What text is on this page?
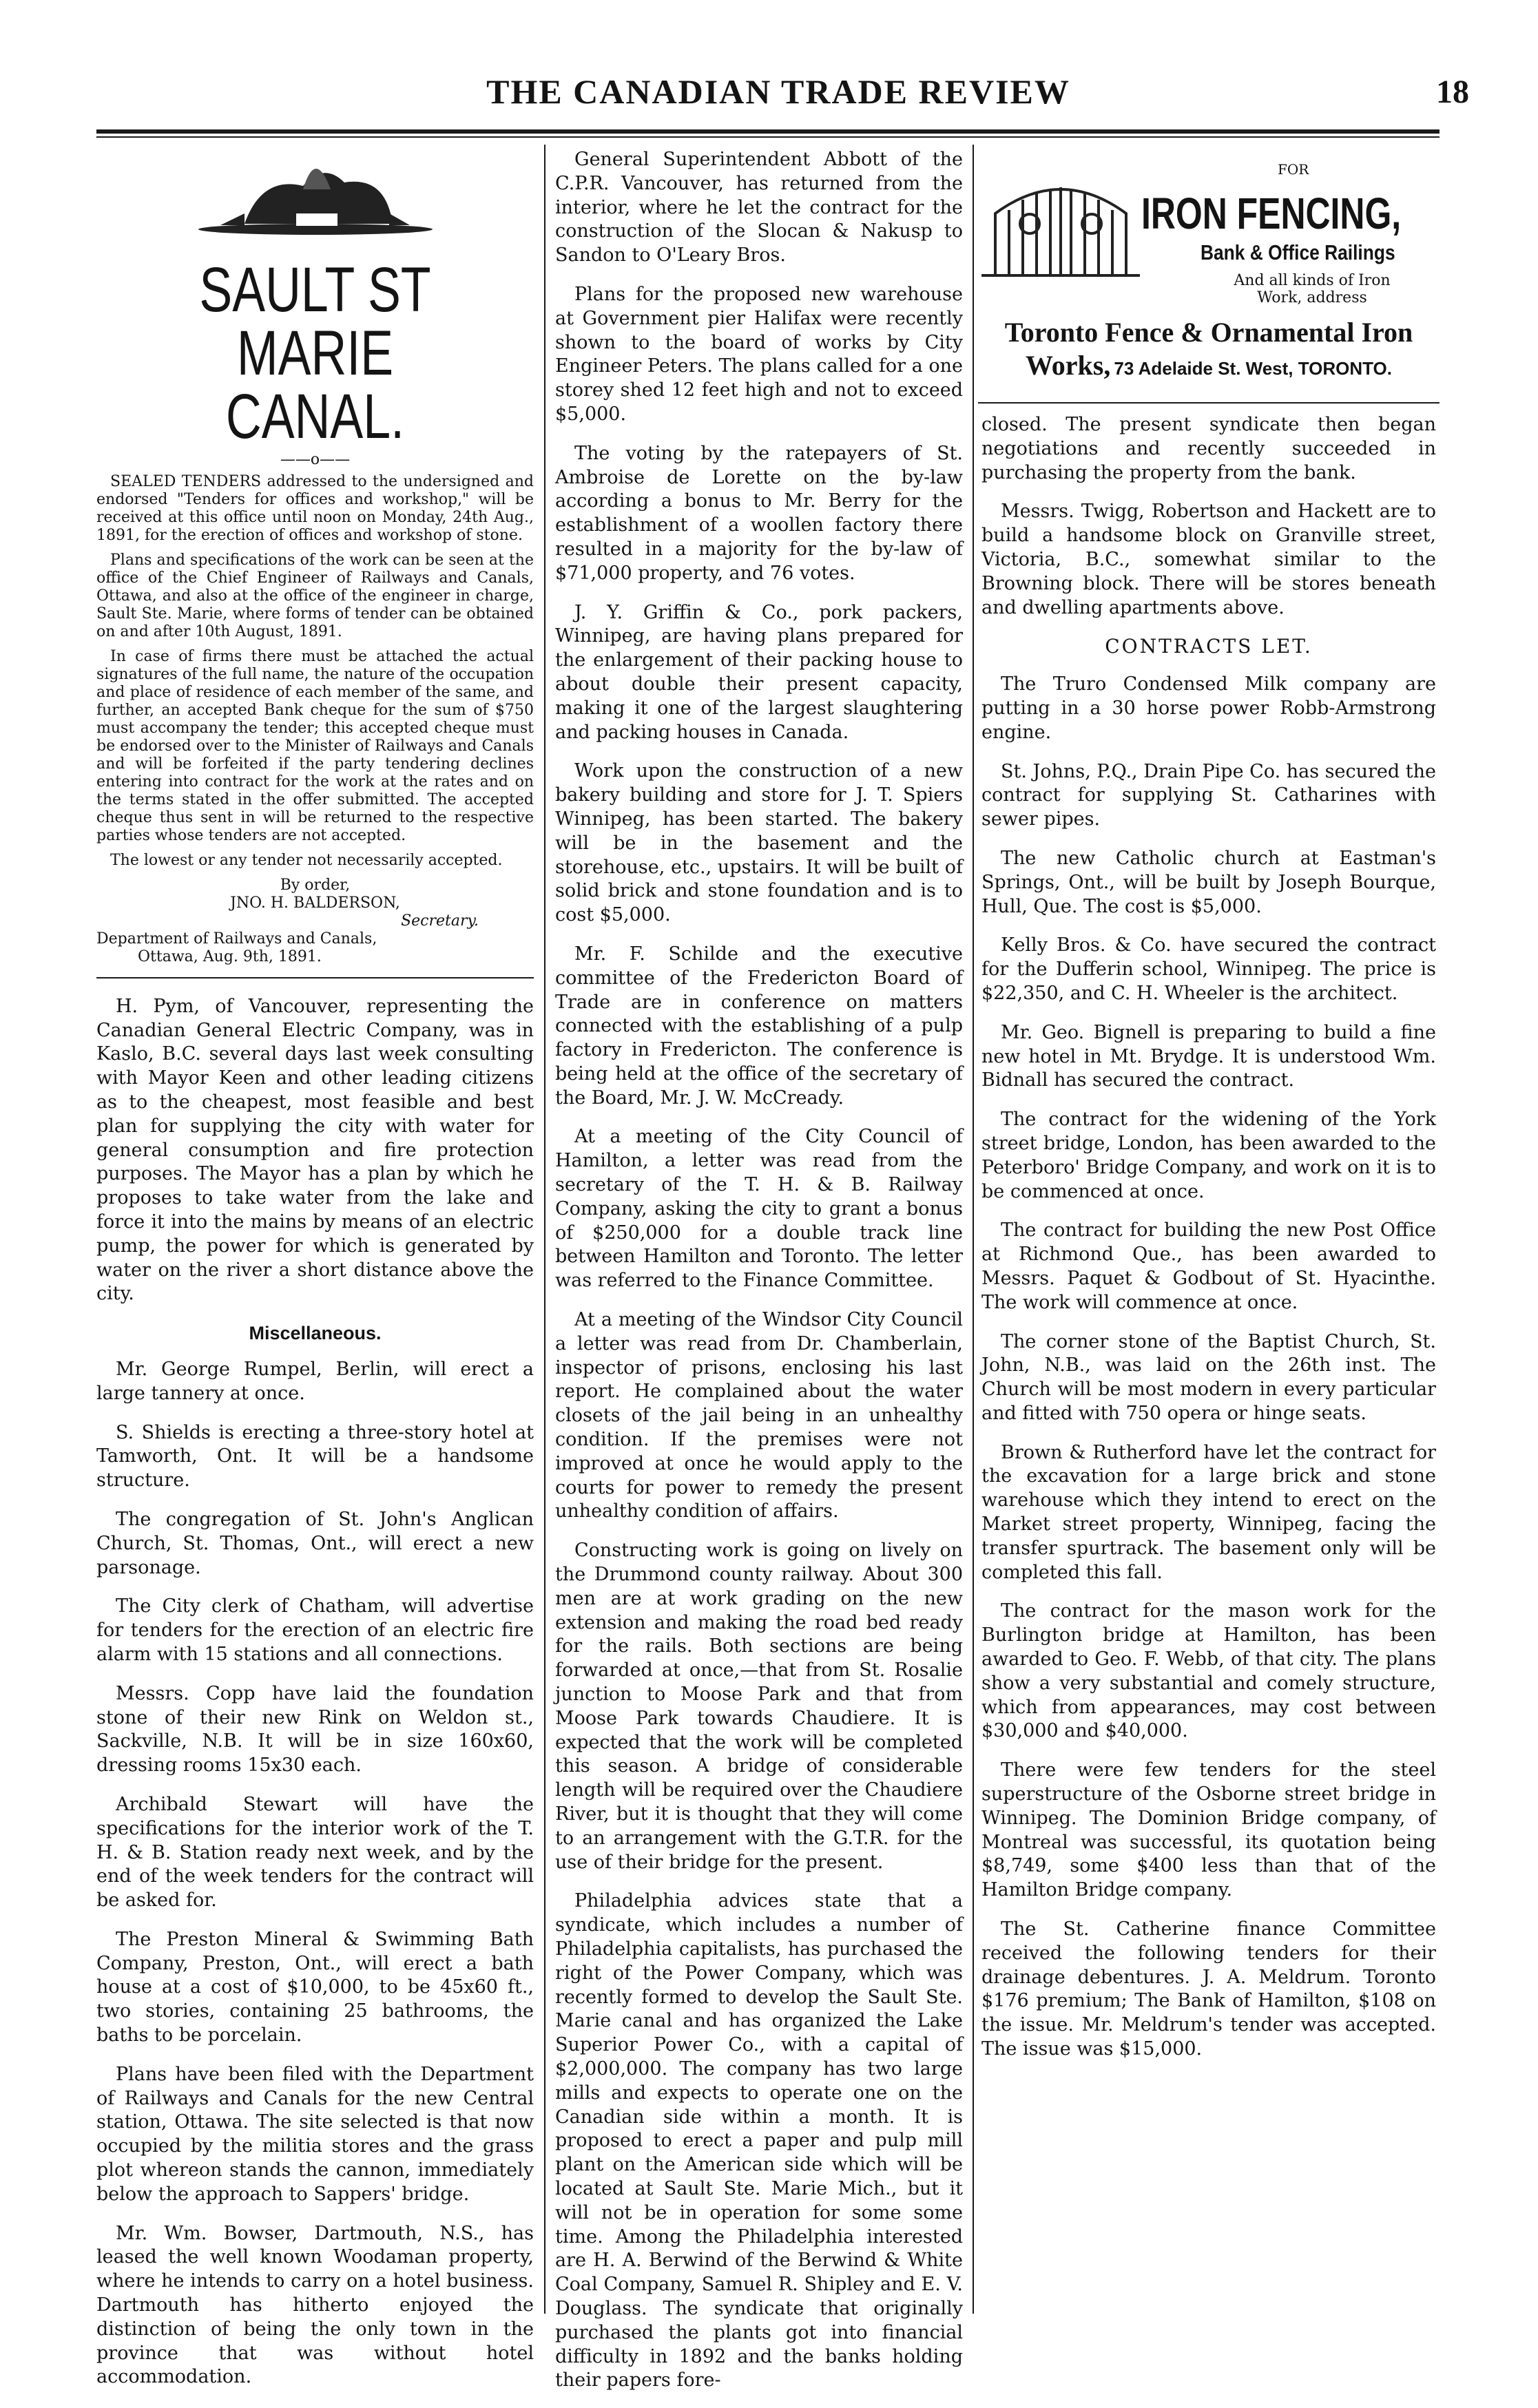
THE CANADIAN TRADE REVIEW	18
SAULT ST MARIE
CANAL.
——o——

SEALED TENDERS addressed to the undersigned and endorsed "Tenders for offices and workshop," will be received at this office until noon on Monday, 24th Aug., 1891, for the erection of offices and workshop of stone.

Plans and specifications of the work can be seen at the office of the Chief Engineer of Railways and Canals, Ottawa, and also at the office of the engineer in charge, Sault Ste. Marie, where forms of tender can be obtained on and after 10th August, 1891.

In case of firms there must be attached the actual signatures of the full name, the nature of the occupation and place of residence of each member of the same, and further, an accepted Bank cheque for the sum of $750 must accompany the tender; this accepted cheque must be endorsed over to the Minister of Railways and Canals and will be forfeited if the party tendering declines entering into contract for the work at the rates and on the terms stated in the offer submitted. The accepted cheque thus sent in will be returned to the respective parties whose tenders are not accepted.

The lowest or any tender not necessarily accepted.

By order,
JNO. H. BALDERSON,
Secretary.
Department of Railways and Canals,
Ottawa, Aug. 9th, 1891.

H. Pym, of Vancouver, representing the Canadian General Electric Company, was in Kaslo, B.C. several days last week consulting with Mayor Keen and other leading citizens as to the cheapest, most feasible and best plan for supplying the city with water for general consumption and fire protection purposes. The Mayor has a plan by which he proposes to take water from the lake and force it into the mains by means of an electric pump, the power for which is generated by water on the river a short distance above the city.

Miscellaneous.

Mr. George Rumpel, Berlin, will erect a large tannery at once.

S. Shields is erecting a three-story hotel at Tamworth, Ont. It will be a handsome structure.

The congregation of St. John's Anglican Church, St. Thomas, Ont., will erect a new parsonage.

The City clerk of Chatham, will advertise for tenders for the erection of an electric fire alarm with 15 stations and all connections.

Messrs. Copp have laid the foundation stone of their new Rink on Weldon st., Sackville, N.B. It will be in size 160x60, dressing rooms 15x30 each.

Archibald Stewart will have the specifications for the interior work of the T. H. & B. Station ready next week, and by the end of the week tenders for the contract will be asked for.

The Preston Mineral & Swimming Bath Company, Preston, Ont., will erect a bath house at a cost of $10,000, to be 45x60 ft., two stories, containing 25 bathrooms, the baths to be porcelain.

Plans have been filed with the Department of Railways and Canals for the new Central station, Ottawa. The site selected is that now occupied by the militia stores and the grass plot whereon stands the cannon, immediately below the approach to Sappers' bridge.

Mr. Wm. Bowser, Dartmouth, N.S., has leased the well known Woodaman property, where he intends to carry on a hotel business. Dartmouth has hitherto enjoyed the distinction of being the only town in the province that was without hotel accommodation.

General Superintendent Abbott of the C.P.R. Vancouver, has returned from the interior, where he let the contract for the construction of the Slocan & Nakusp to Sandon to O'Leary Bros.

Plans for the proposed new warehouse at Government pier Halifax were recently shown to the board of works by City Engineer Peters. The plans called for a one storey shed 12 feet high and not to exceed $5,000.

The voting by the ratepayers of St. Ambroise de Lorette on the by-law according a bonus to Mr. Berry for the establishment of a woollen factory there resulted in a majority for the by-law of $71,000 property, and 76 votes.

J. Y. Griffin & Co., pork packers, Winnipeg, are having plans prepared for the enlargement of their packing house to about double their present capacity, making it one of the largest slaughtering and packing houses in Canada.

Work upon the construction of a new bakery building and store for J. T. Spiers Winnipeg, has been started. The bakery will be in the basement and the storehouse, etc., upstairs. It will be built of solid brick and stone foundation and is to cost $5,000.

Mr. F. Schilde and the executive committee of the Fredericton Board of Trade are in conference on matters connected with the establishing of a pulp factory in Fredericton. The conference is being held at the office of the secretary of the Board, Mr. J. W. McCready.

At a meeting of the City Council of Hamilton, a letter was read from the secretary of the T. H. & B. Railway Company, asking the city to grant a bonus of $250,000 for a double track line between Hamilton and Toronto. The letter was referred to the Finance Committee.

At a meeting of the Windsor City Council a letter was read from Dr. Chamberlain, inspector of prisons, enclosing his last report. He complained about the water closets of the jail being in an unhealthy condition. If the premises were not improved at once he would apply to the courts for power to remedy the present unhealthy condition of affairs.

Constructing work is going on lively on the Drummond county railway. About 300 men are at work grading on the new extension and making the road bed ready for the rails. Both sections are being forwarded at once,—that from St. Rosalie junction to Moose Park and that from Moose Park towards Chaudiere. It is expected that the work will be completed this season. A bridge of considerable length will be required over the Chaudiere River, but it is thought that they will come to an arrangement with the G.T.R. for the use of their bridge for the present.

Philadelphia advices state that a syndicate, which includes a number of Philadelphia capitalists, has purchased the right of the Power Company, which was recently formed to develop the Sault Ste. Marie canal and has organized the Lake Superior Power Co., with a capital of $2,000,000. The company has two large mills and expects to operate one on the Canadian side within a month. It is proposed to erect a paper and pulp mill plant on the American side which will be located at Sault Ste. Marie Mich., but it will not be in operation for some some time. Among the Philadelphia interested are H. A. Berwind of the Berwind & White Coal Company, Samuel R. Shipley and E. V. Douglass. The syndicate that originally purchased the plants got into financial difficulty in 1892 and the banks holding their papers fore-

FOR
IRON FENCING,
Bank & Office Railings
And all kinds of Iron
Work, address
Toronto Fence & Ornamental Iron
Works, 73 Adelaide St. West, TORONTO.

closed. The present syndicate then began negotiations and recently succeeded in purchasing the property from the bank.

Messrs. Twigg, Robertson and Hackett are to build a handsome block on Granville street, Victoria, B.C., somewhat similar to the Browning block. There will be stores beneath and dwelling apartments above.

CONTRACTS LET.

The Truro Condensed Milk company are putting in a 30 horse power Robb-Armstrong engine.

St. Johns, P.Q., Drain Pipe Co. has secured the contract for supplying St. Catharines with sewer pipes.

The new Catholic church at Eastman's Springs, Ont., will be built by Joseph Bourque, Hull, Que. The cost is $5,000.

Kelly Bros. & Co. have secured the contract for the Dufferin school, Winnipeg. The price is $22,350, and C. H. Wheeler is the architect.

Mr. Geo. Bignell is preparing to build a fine new hotel in Mt. Brydge. It is understood Wm. Bidnall has secured the contract.

The contract for the widening of the York street bridge, London, has been awarded to the Peterboro' Bridge Company, and work on it is to be commenced at once.

The contract for building the new Post Office at Richmond Que., has been awarded to Messrs. Paquet & Godbout of St. Hyacinthe. The work will commence at once.

The corner stone of the Baptist Church, St. John, N.B., was laid on the 26th inst. The Church will be most modern in every particular and fitted with 750 opera or hinge seats.

Brown & Rutherford have let the contract for the excavation for a large brick and stone warehouse which they intend to erect on the Market street property, Winnipeg, facing the transfer spurtrack. The basement only will be completed this fall.

The contract for the mason work for the Burlington bridge at Hamilton, has been awarded to Geo. F. Webb, of that city. The plans show a very substantial and comely structure, which from appearances, may cost between $30,000 and $40,000.

There were few tenders for the steel superstructure of the Osborne street bridge in Winnipeg. The Dominion Bridge company, of Montreal was successful, its quotation being $8,749, some $400 less than that of the Hamilton Bridge company.

The St. Catherine finance Committee received the following tenders for their drainage debentures. J. A. Meldrum. Toronto $176 premium; The Bank of Hamilton, $108 on the issue. Mr. Meldrum's tender was accepted. The issue was $15,000.
